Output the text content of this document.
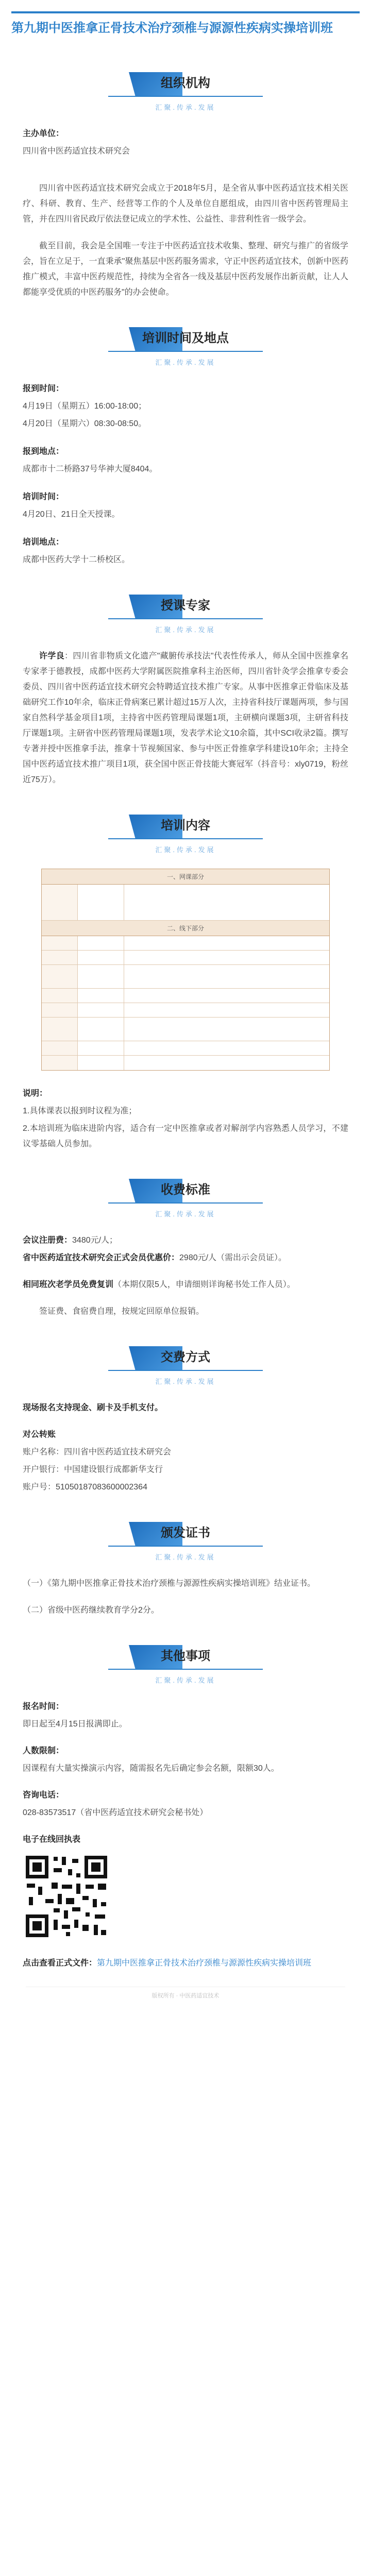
第九期中医推拿正骨技术治疗颈椎与源源性疾病实操培训班
组织机构
汇聚.传承.发展
主办单位：

四川省中医药适宜技术研究会

四川省中医药适宜技术研究会成立于2018年5月，是全省从事中医药适宜技术相关医疗、科研、教育、生产、经营等工作的个人及单位自愿组成，由四川省中医药管理局主管，并在四川省民政厅依法登记成立的学术性、公益性、非营利性省一级学会。

截至目前，我会是全国唯一专注于中医药适宜技术收集、整理、研究与推广的省级学会，旨在立足于，一直秉承"聚焦基层中医药服务需求，守正中医药适宜技术，创新中医药推广模式，丰富中医药规范性，持续为全省各一线及基层中医药发展作出新贡献，让人人都能享受优质的中医药服务"的办会使命。

培训时间及地点
汇聚.传承.发展
报到时间：
4月19日（星期五）16:00-18:00；
4月20日（星期六）08:30-08:50。
报到地点：
成都市十二桥路37号华神大厦8404。
培训时间：
4月20日、21日全天授课。
培训地点：
成都中医药大学十二桥校区。
授课专家
汇聚.传承.发展

许学良：四川省非物质文化遗产"藏腑传承技法"代表性传承人，师从全国中医推拿名专家孝于德教授，成都中医药大学附属医院推拿科主治医师，四川省针灸学会推拿专委会委员、四川省中医药适宜技术研究会特聘适宜技术推广专家。从事中医推拿正骨临床及基础研究工作10年余，临床正骨病案已累计超过15万人次，主持省科技厅课题两项，参与国家自然科学基金项目1项，主持省中医药管理局课题1项，主研横向课题3项，主研省科技厅课题1项。主研省中医药管理局课题1项，发表学术论文10余篇，其中SCI收录2篇。撰写专著并授中医推拿手法，推拿十节视频国家、参与中医正骨推拿学科建设10年余；主持全国中医药适宜技术推广项目1项，获全国中医正骨技能大赛冠军（抖音号：xly0719，粉丝近75万）。

培训内容
汇聚.传承.发展
一、网课部分
二、线下部分
说明：
1.具体课表以报到时议程为准；

2.本培训班为临床进阶内容，适合有一定中医推拿或者对解剖学内容熟悉人员学习，不建议零基础人员参加。

收费标准
汇聚.传承.发展
会议注册费：3480元/人；

省中医药适宜技术研究会正式会员优惠价：2980元/人（需出示会员证）。

相同班次老学员免费复训（本期仅限5人，申请细则详询秘书处工作人员）。

签证费、食宿费自理，按规定回原单位报销。

交费方式
汇聚.传承.发展

现场报名支持现金、刷卡及手机支付。

对公转账
账户名称：四川省中医药适宜技术研究会
开户银行：中国建设银行成都新华支行
账户号：51050187083600002364
颁发证书
汇聚.传承.发展

（一）《第九期中医推拿正骨技术治疗颈椎与源源性疾病实操培训班》结业证书。

（二）省级中医药继续教育学分2分。

其他事项
汇聚.传承.发展
报名时间：

即日起至4月15日报满即止。

人数限制：

因课程有大量实操演示内容，随需报名先后确定参会名额，限额30人。

咨询电话：

028-83573517（省中医药适宜技术研究会秘书处）

电子在线回执表

点击查看正式文件：第九期中医推拿正骨技术治疗颈椎与源源性疾病实操培训班

版权所有 · 中医药适宜技术
